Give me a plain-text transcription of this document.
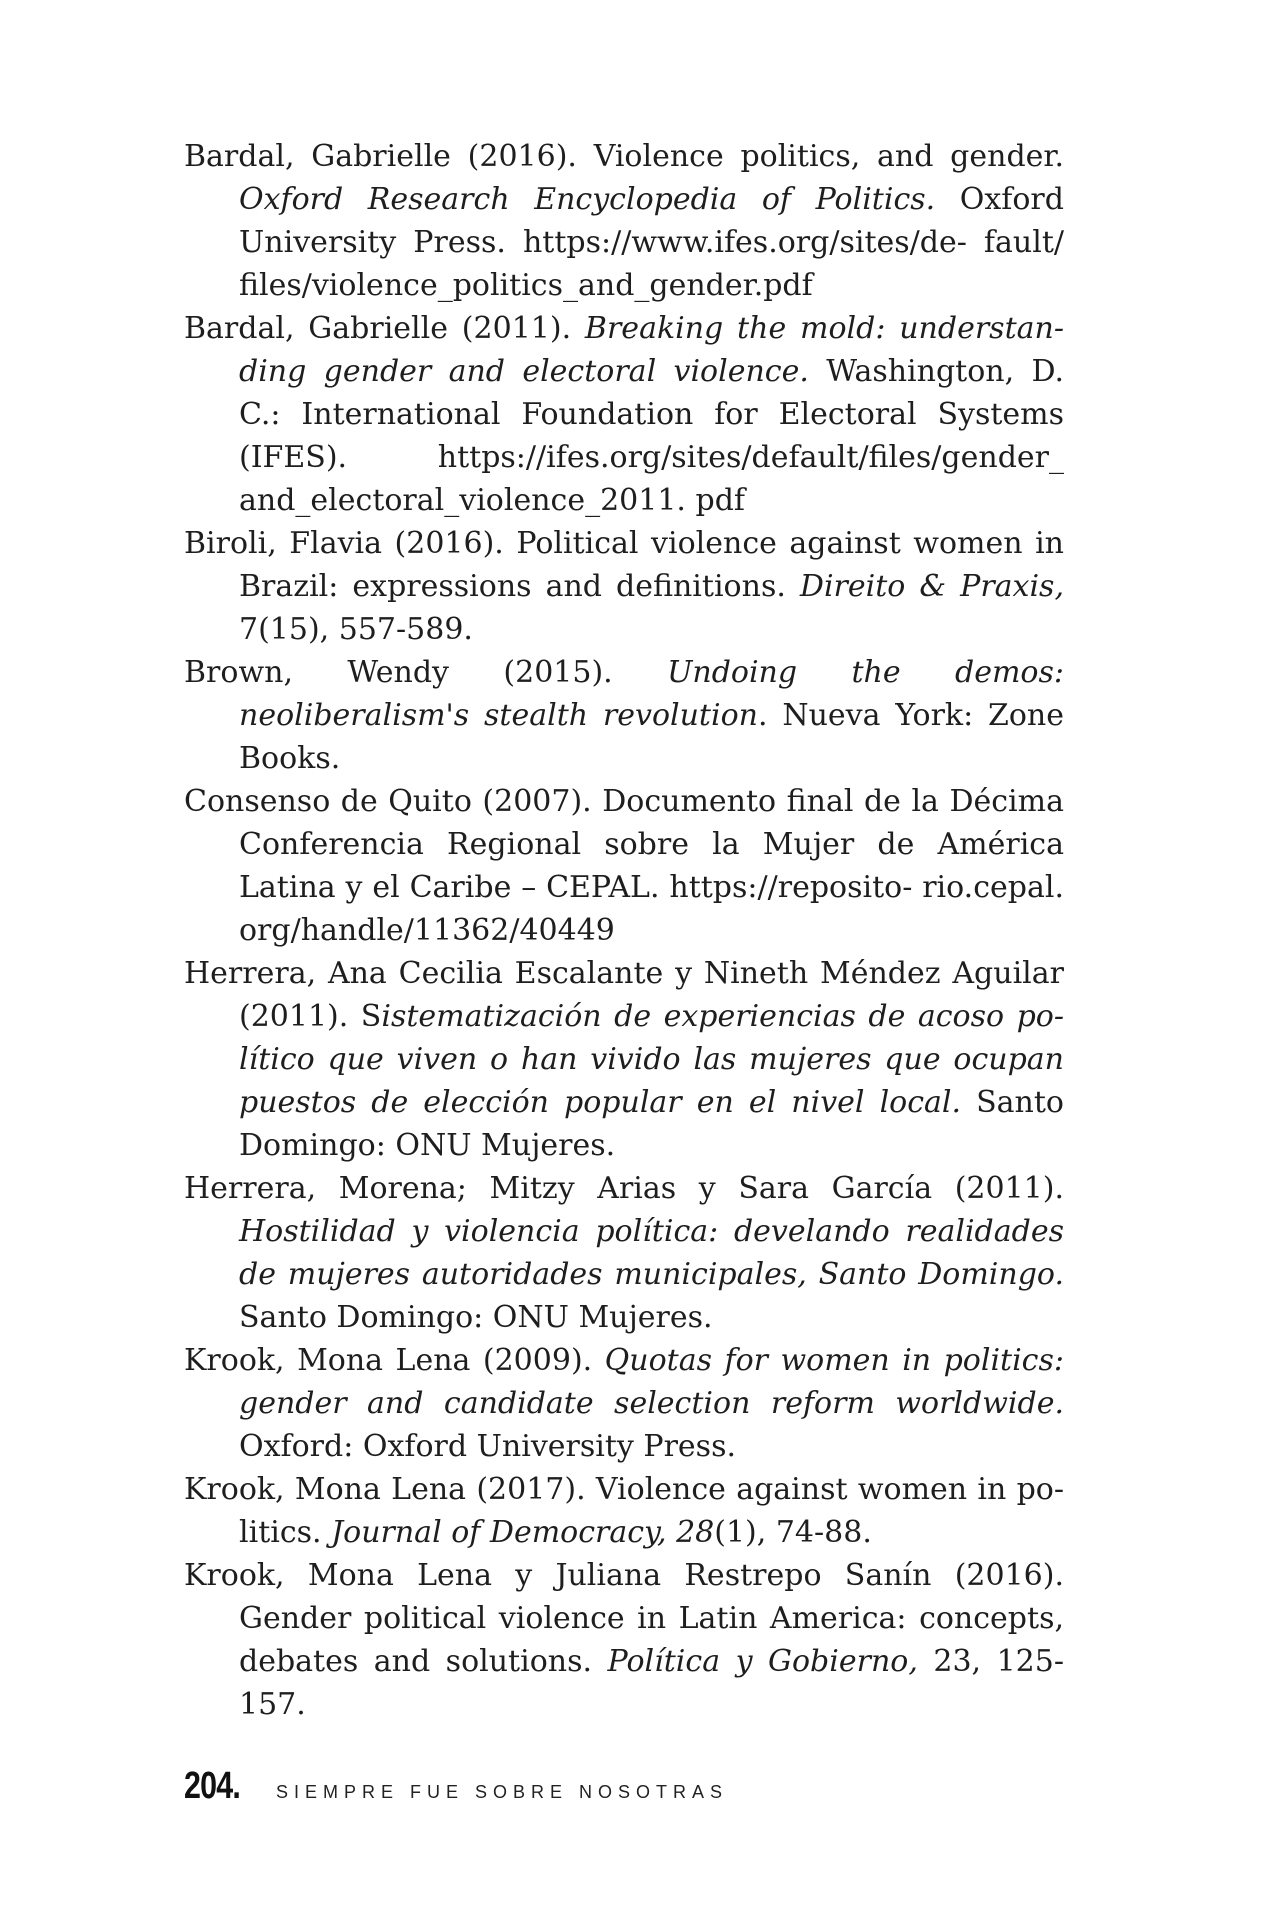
Bardal, Gabrielle (2016). Violence politics, and gender. Oxford Research Encyclopedia of Politics. Oxford University Press. https://www.ifes.org/sites/de- fault/ files/violence_politics_and_gender.pdf

Bardal, Gabrielle (2011). Breaking the mold: understanding gender and electoral violence. Washington, D. C.: International Foundation for Electoral Systems (IFES). https://ifes.org/sites/default/files/gender_ and_electoral_violence_2011. pdf

Biroli, Flavia (2016). Political violence against women in Brazil: expressions and definitions. Direito & Praxis, 7(15), 557-589.

Brown, Wendy (2015). Undoing the demos: neoliberalism's stealth revolution. Nueva York: Zone Books.

Consenso de Quito (2007). Documento final de la Décima Conferencia Regional sobre la Mujer de América Latina y el Caribe – CEPAL. https://reposito- rio.cepal. org/handle/11362/40449

Herrera, Ana Cecilia Escalante y Nineth Méndez Aguilar (2011). Sistematización de experiencias de acoso político que viven o han vivido las mujeres que ocupan puestos de elección popular en el nivel local. Santo Domingo: ONU Mujeres.

Herrera, Morena; Mitzy Arias y Sara García (2011). Hostilidad y violencia política: develando realidades de mujeres autoridades municipales, Santo Domingo. Santo Domingo: ONU Mujeres.

Krook, Mona Lena (2009). Quotas for women in politics: gender and candidate selection reform worldwide. Oxford: Oxford University Press.

Krook, Mona Lena (2017). Violence against women in politics. Journal of Democracy, 28(1), 74-88.

Krook, Mona Lena y Juliana Restrepo Sanín (2016). Gender political violence in Latin America: concepts, debates and solutions. Política y Gobierno, 23, 125-157.

204. SIEMPRE FUE SOBRE NOSOTRAS
